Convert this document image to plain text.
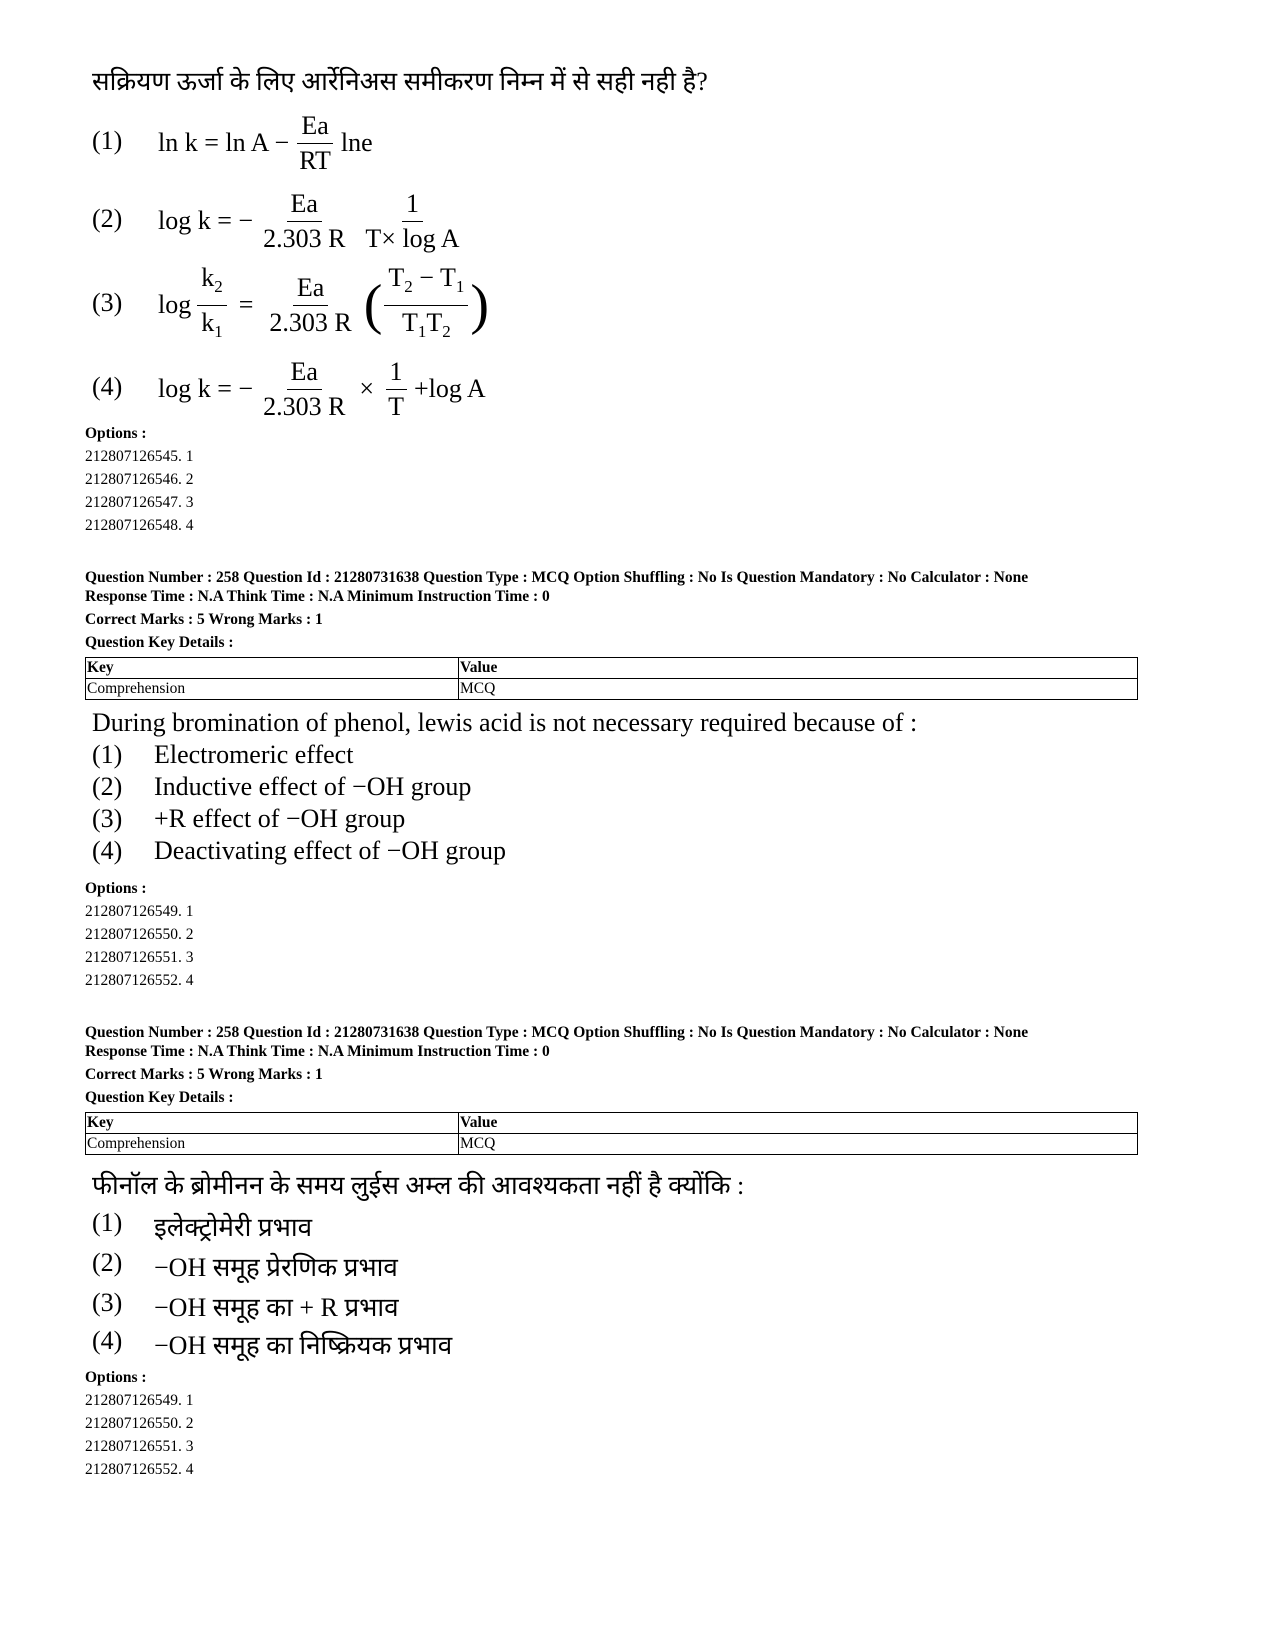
सक्रियण ऊर्जा के लिए आर्रेनिअस समीकरण निम्न में से सही नही है?
(1) $\ln k = \ln A - \frac{Ea}{RT}$ lne
(2) log k = − $\frac{Ea}{2.303 R} \frac{1}{\text{T× log A}}$
(3) $\log \frac{k_2}{k_1} = \frac{Ea}{2.303 R}$ ( $\frac{T_2 - T_1}{T_1T_2}$ )
(4) log k = − $\frac{Ea}{2.303 R} \times \frac{1}{T} +\log$ A
Options :
212807126545. 1
212807126546. 2
212807126547. 3
212807126548. 4
Question Number : 258 Question Id : 21280731638 Question Type : MCQ Option Shuffling : No Is Question Mandatory : No Calculator : None
Response Time : N.A Think Time : N.A Minimum Instruction Time : 0
Correct Marks : 5 Wrong Marks : 1
Question Key Details :
Key	Value
Comprehension	MCQ
During bromination of phenol, lewis acid is not necessary required because of :
(1) Electromeric effect
(2) Inductive effect of −OH group
(3) +R effect of −OH group
(4) Deactivating effect of −OH group
Options :
212807126549. 1
212807126550. 2
212807126551. 3
212807126552. 4
Question Number : 258 Question Id : 21280731638 Question Type : MCQ Option Shuffling : No Is Question Mandatory : No Calculator : None
Response Time : N.A Think Time : N.A Minimum Instruction Time : 0
Correct Marks : 5 Wrong Marks : 1
Question Key Details :
Key	Value
Comprehension	MCQ
फीनॉल के ब्रोमीनन के समय लुईस अम्ल की आवश्यकता नहीं है क्योंकि :
(1) इलेक्ट्रोमेरी प्रभाव
(2) −OH समूह प्रेरणिक प्रभाव
(3) −OH समूह का + R प्रभाव
(4) −OH समूह का निष्क्रियक प्रभाव
Options :
212807126549. 1
212807126550. 2
212807126551. 3
212807126552. 4
